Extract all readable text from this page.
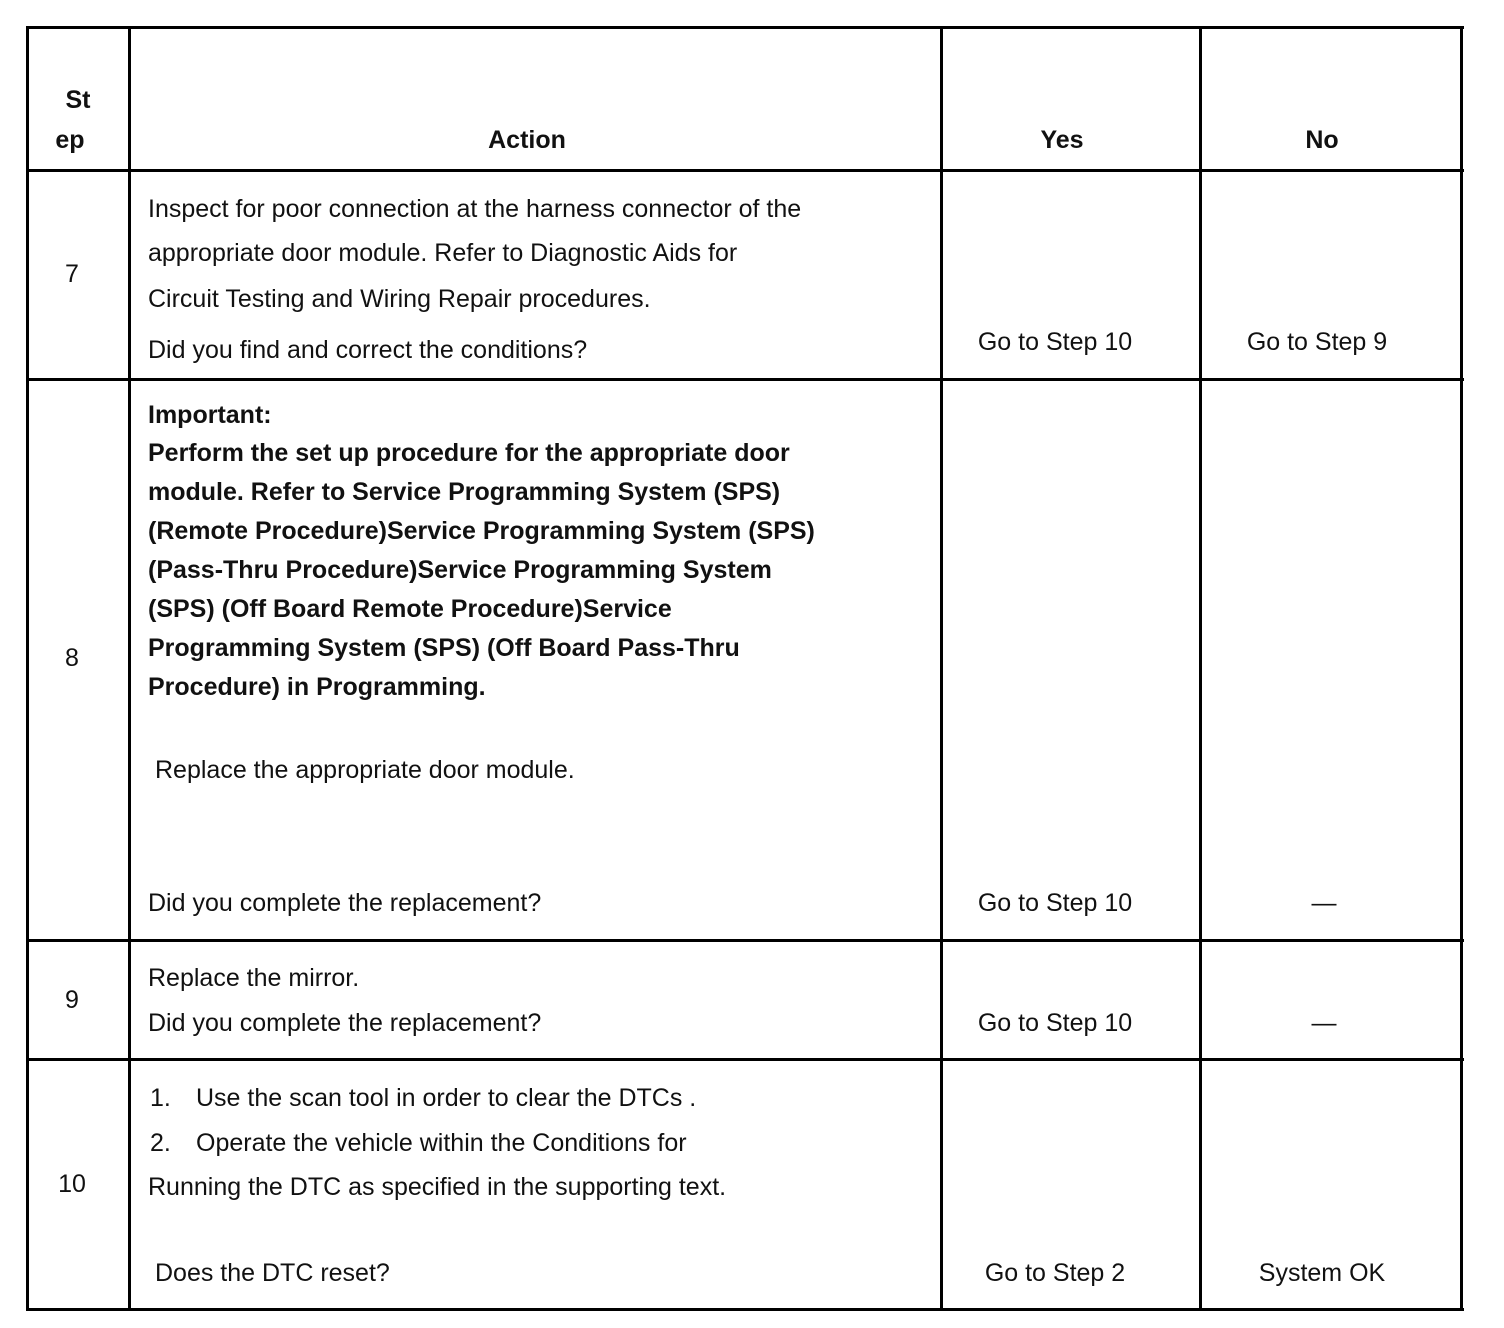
St
ep	Action	Yes	No
7
Inspect for poor connection at the harness connector of the
appropriate door module. Refer to Diagnostic Aids for
Circuit Testing and Wiring Repair procedures.
Did you find and correct the conditions?	Go to Step 10	Go to Step 9
8
Important:
Perform the set up procedure for the appropriate door
module. Refer to Service Programming System (SPS)
(Remote Procedure)Service Programming System (SPS)
(Pass-Thru Procedure)Service Programming System
(SPS) (Off Board Remote Procedure)Service
Programming System (SPS) (Off Board Pass-Thru
Procedure) in Programming.
Replace the appropriate door module.
Did you complete the replacement?	Go to Step 10	—
9
Replace the mirror.
Did you complete the replacement?	Go to Step 10	—
10
1. Use the scan tool in order to clear the DTCs .
2. Operate the vehicle within the Conditions for
Running the DTC as specified in the supporting text.
Does the DTC reset?	Go to Step 2	System OK
